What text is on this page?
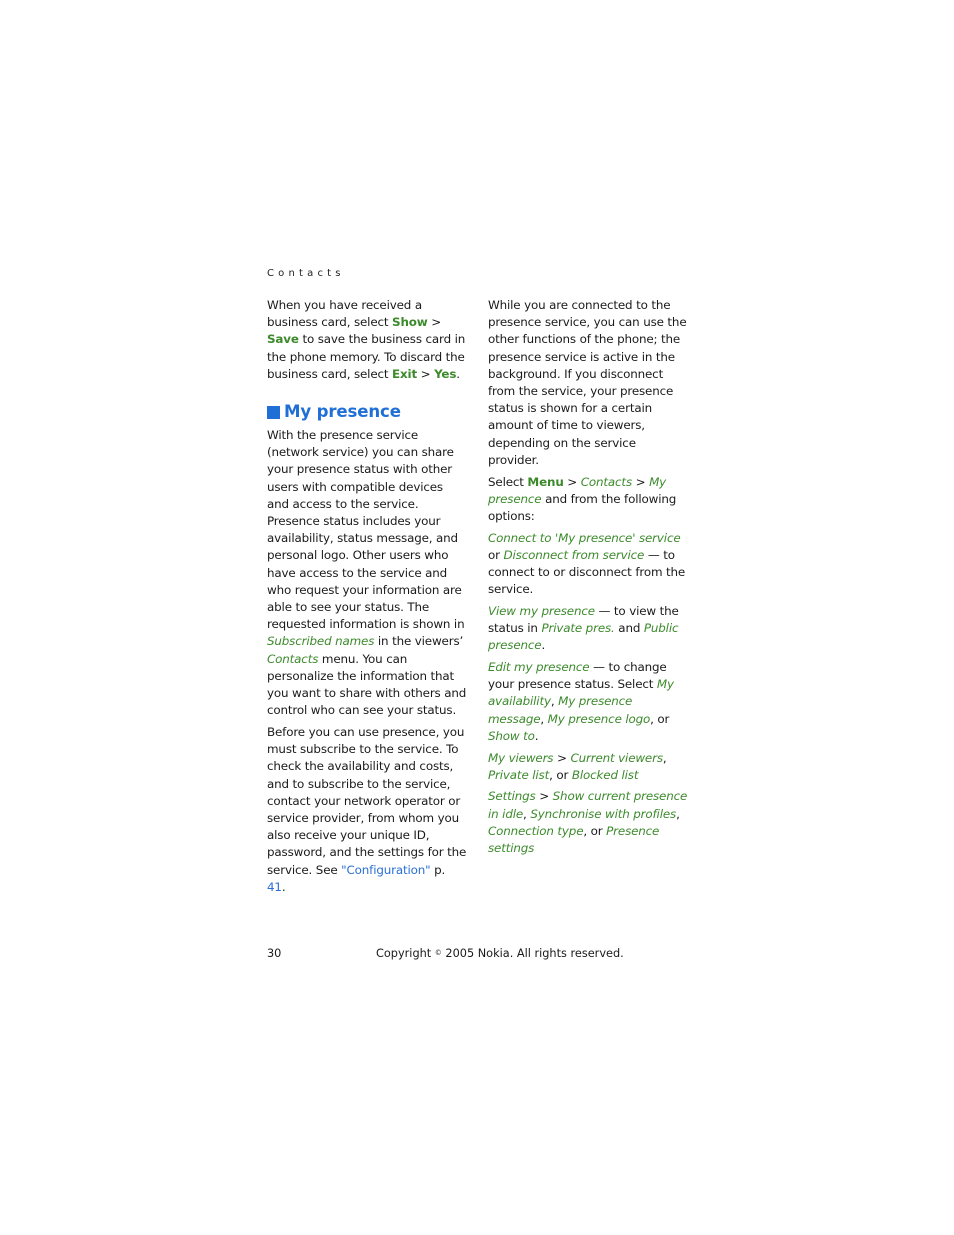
Contacts

When you have received a business card, select Show > Save to save the business card in the phone memory. To discard the business card, select Exit > Yes.

My presence

With the presence service (network service) you can share your presence status with other users with compatible devices and access to the service. Presence status includes your availability, status message, and personal logo. Other users who have access to the service and who request your information are able to see your status. The requested information is shown in Subscribed names in the viewers’ Contacts menu. You can personalize the information that you want to share with others and control who can see your status.

Before you can use presence, you must subscribe to the service. To check the availability and costs, and to subscribe to the service, contact your network operator or service provider, from whom you also receive your unique ID, password, and the settings for the service. See "Configuration" p. 41.

While you are connected to the presence service, you can use the other functions of the phone; the presence service is active in the background. If you disconnect from the service, your presence status is shown for a certain amount of time to viewers, depending on the service provider.

Select Menu > Contacts > My presence and from the following options:

Connect to 'My presence' service or Disconnect from service — to connect to or disconnect from the service.

View my presence — to view the status in Private pres. and Public presence.

Edit my presence — to change your presence status. Select My availability, My presence message, My presence logo, or Show to.

My viewers > Current viewers, Private list, or Blocked list

Settings > Show current presence in idle, Synchronise with profiles, Connection type, or Presence settings

30	Copyright © 2005 Nokia. All rights reserved.
